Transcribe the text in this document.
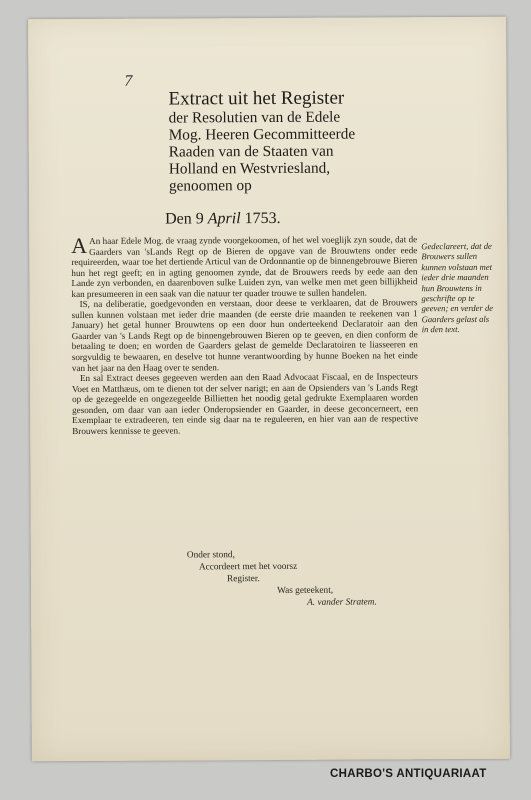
7
Extract uit het Register
der Resolutien van de Edele
Mog. Heeren Gecommitteerde
Raaden van de Staaten van
Holland en Westvriesland,
genoomen op
Den 9 April 1753.

AAn haar Edele Mog. de vraag zynde voorgekoomen, of het wel voeglijk zyn soude, dat de Gaarders van 'sLands Regt op de Bieren de opgave van de Brouwtens onder eede requireerden, waar toe het dertiende Articul van de Ordonnantie op de binnengebrouwe Bieren hun het regt geeft; en in agting genoomen zynde, dat de Brouwers reeds by eede aan den Lande zyn verbonden, en daarenboven sulke Luiden zyn, van welke men met geen billijkheid kan presumeeren in een saak van die natuur ter quader trouwe te sullen handelen.

IS, na deliberatie, goedgevonden en verstaan, door deese te verklaaren, dat de Brouwers sullen kunnen volstaan met ieder drie maanden (de eerste drie maanden te reekenen van 1 January) het getal hunner Brouwtens op een door hun onderteekend Declaratoir aan den Gaarder van 's Lands Regt op de binnengebrouwen Bieren op te geeven, en dien conform de betaaling te doen; en worden de Gaarders gelast de gemelde Declaratoiren te liasseeren en sorgvuldig te bewaaren, en deselve tot hunne verantwoording by hunne Boeken na het einde van het jaar na den Haag over te senden.

En sal Extract deeses gegeeven werden aan den Raad Advocaat Fiscaal, en de Inspecteurs Voet en Matthæus, om te dienen tot der selver narigt; en aan de Opsienders van 's Lands Regt op de gezegeelde en ongezegeelde Billietten het noodig getal gedrukte Exemplaaren worden gesonden, om daar van aan ieder Onderopsiender en Gaarder, in deese geconcerneert, een Exemplaar te extradeeren, ten einde sig daar na te reguleeren, en hier van aan de respective Brouwers kennisse te geeven.

Gedeclareert, dat de Brouwers sullen kunnen volstaan met ieder drie maanden hun Brouwtens in geschrifte op te geeven; en verder de Gaarders gelast als in den text.
Onder stond,
Accordeert met het voorsz
Register.
Was geteekent,
A. vander Stratem.
CHARBO'S ANTIQUARIAAT
